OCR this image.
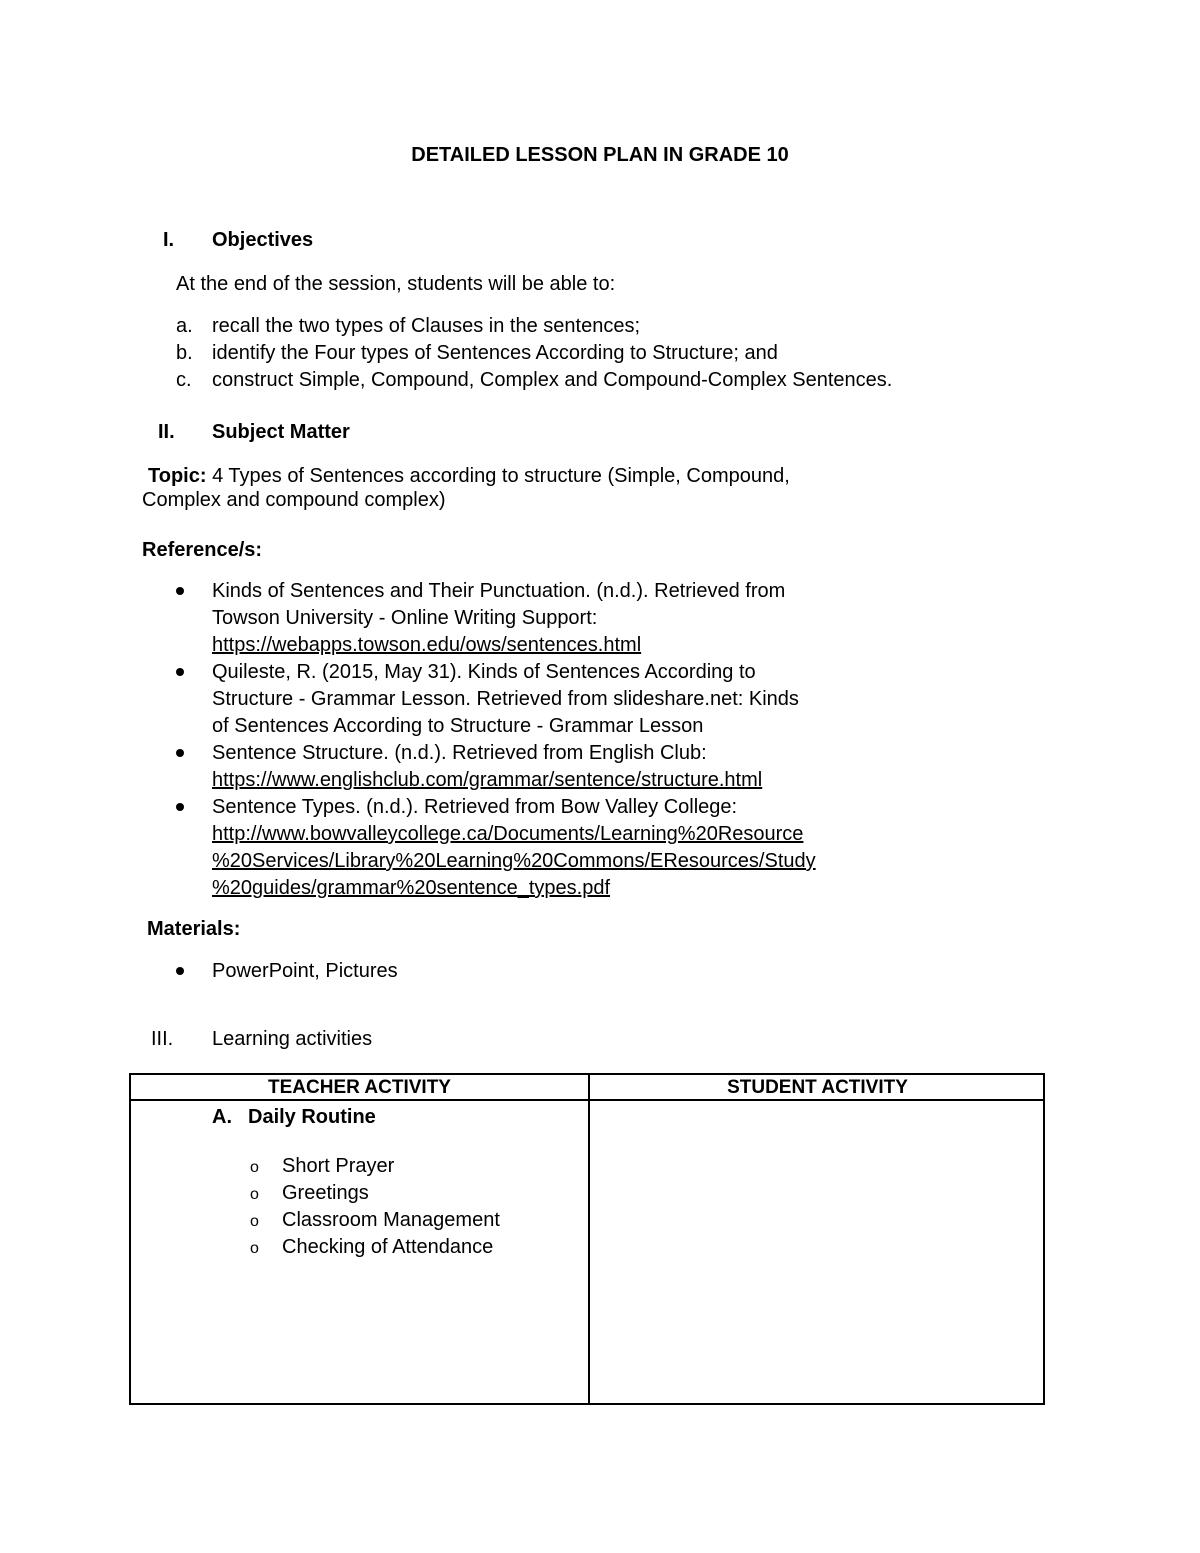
DETAILED LESSON PLAN IN GRADE 10
I. Objectives
At the end of the session, students will be able to:
a. recall the two types of Clauses in the sentences;
b. identify the Four types of Sentences According to Structure; and
c. construct Simple, Compound, Complex and Compound-Complex Sentences.
II. Subject Matter
Topic: 4 Types of Sentences according to structure (Simple, Compound,
Complex and compound complex)
Reference/s:
Kinds of Sentences and Their Punctuation. (n.d.). Retrieved from
Towson University - Online Writing Support:
https://webapps.towson.edu/ows/sentences.html
Quileste, R. (2015, May 31). Kinds of Sentences According to
Structure - Grammar Lesson. Retrieved from slideshare.net: Kinds
of Sentences According to Structure - Grammar Lesson
Sentence Structure. (n.d.). Retrieved from English Club:
https://www.englishclub.com/grammar/sentence/structure.html
Sentence Types. (n.d.). Retrieved from Bow Valley College:
http://www.bowvalleycollege.ca/Documents/Learning%20Resource
%20Services/Library%20Learning%20Commons/EResources/Study
%20guides/grammar%20sentence_types.pdf
Materials:
PowerPoint, Pictures
III. Learning activities
TEACHER ACTIVITY	STUDENT ACTIVITY
A. Daily Routine
o Short Prayer
o Greetings
o Classroom Management
o Checking of Attendance
